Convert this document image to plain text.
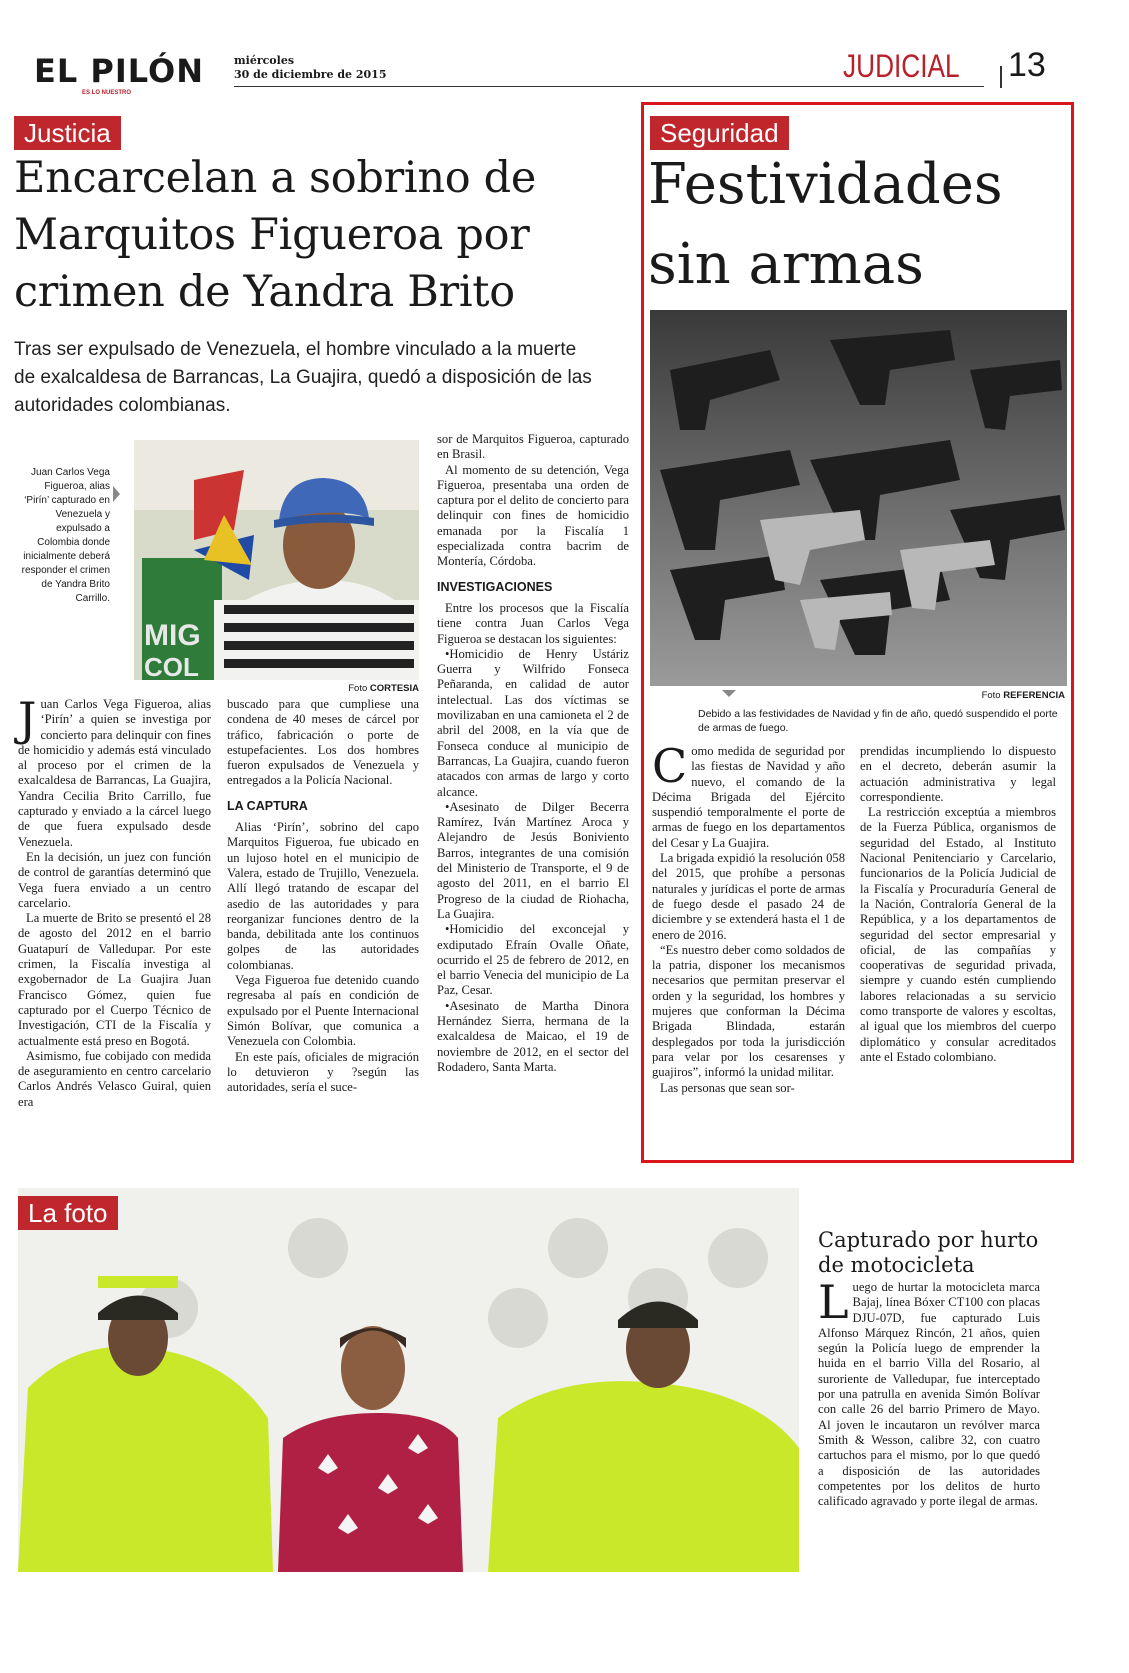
EL PILÓN
ES LO NUESTRO
miércoles
30 de diciembre de 2015	JUDICIAL 13
Justicia
Encarcelan a sobrino de Marquitos Figueroa por crimen de Yandra Brito
Tras ser expulsado de Venezuela, el hombre vinculado a la muerte de exalcaldesa de Barrancas, La Guajira, quedó a disposición de las autoridades colombianas.
Juan Carlos Vega Figueroa, alias ‘Pirín’ capturado en Venezuela y expulsado a Colombia donde inicialmente deberá responder el crimen de Yandra Brito Carrillo.
MIG
COL
Foto CORTESIA
J uan Carlos Vega Figueroa, alias ‘Pirín’ a quien se investiga por concierto para delinquir con fines de homicidio y además está vinculado al proceso por el crimen de la exalcaldesa de Barrancas, La Guajira, Yandra Cecilia Brito Carrillo, fue capturado y enviado a la cárcel luego de que fuera expulsado desde Venezuela.

En la decisión, un juez con función de control de garantías determinó que Vega fuera enviado a un centro carcelario.

La muerte de Brito se presentó el 28 de agosto del 2012 en el barrio Guatapurí de Valledupar. Por este crimen, la Fiscalía investiga al exgobernador de La Guajira Juan Francisco Gómez, quien fue capturado por el Cuerpo Técnico de Investigación, CTI de la Fiscalía y actualmente está preso en Bogotá.

Asimismo, fue cobijado con medida de aseguramiento en centro carcelario Carlos Andrés Velasco Guiral, quien era

buscado para que cumpliese una condena de 40 meses de cárcel por tráfico, fabricación o porte de estupefacientes. Los dos hombres fueron expulsados de Venezuela y entregados a la Policía Nacional.

LA CAPTURA

Alias ‘Pirín’, sobrino del capo Marquitos Figueroa, fue ubicado en un lujoso hotel en el municipio de Valera, estado de Trujillo, Venezuela. Allí llegó tratando de escapar del asedio de las autoridades y para reorganizar funciones dentro de la banda, debilitada ante los continuos golpes de las autoridades colombianas.

Vega Figueroa fue detenido cuando regresaba al país en condición de expulsado por el Puente Internacional Simón Bolívar, que comunica a Venezuela con Colombia.

En este país, oficiales de migración lo detuvieron y ?según las autoridades, sería el suce-

sor de Marquitos Figueroa, capturado en Brasil.

Al momento de su detención, Vega Figueroa, presentaba una orden de captura por el delito de concierto para delinquir con fines de homicidio emanada por la Fiscalía 1 especializada contra bacrim de Montería, Córdoba.

INVESTIGACIONES

Entre los procesos que la Fiscalía tiene contra Juan Carlos Vega Figueroa se destacan los siguientes:

•Homicidio de Henry Ustáriz Guerra y Wilfrido Fonseca Peñaranda, en calidad de autor intelectual. Las dos víctimas se movilizaban en una camioneta el 2 de abril del 2008, en la vía que de Fonseca conduce al municipio de Barrancas, La Guajira, cuando fueron atacados con armas de largo y corto alcance.

•Asesinato de Dilger Becerra Ramírez, Iván Martínez Aroca y Alejandro de Jesús Boniviento Barros, integrantes de una comisión del Ministerio de Transporte, el 9 de agosto del 2011, en el barrio El Progreso de la ciudad de Riohacha, La Guajira.

•Homicidio del exconcejal y exdiputado Efraín Ovalle Oñate, ocurrido el 25 de febrero de 2012, en el barrio Venecia del municipio de La Paz, Cesar.

•Asesinato de Martha Dinora Hernández Sierra, hermana de la exalcaldesa de Maicao, el 19 de noviembre de 2012, en el sector del Rodadero, Santa Marta.

Seguridad
Festividades
sin armas
Foto REFERENCIA
Debido a las festividades de Navidad y fin de año, quedó suspendido el porte de armas de fuego.
C omo medida de seguridad por las fiestas de Navidad y año nuevo, el comando de la Décima Brigada del Ejército suspendió temporalmente el porte de armas de fuego en los departamentos del Cesar y La Guajira.

La brigada expidió la resolución 058 del 2015, que prohíbe a personas naturales y jurídicas el porte de armas de fuego desde el pasado 24 de diciembre y se extenderá hasta el 1 de enero de 2016.

“Es nuestro deber como soldados de la patria, disponer los mecanismos necesarios que permitan preservar el orden y la seguridad, los hombres y mujeres que conforman la Décima Brigada Blindada, estarán desplegados por toda la jurisdicción para velar por los cesarenses y guajiros”, informó la unidad militar.

Las personas que sean sor-

prendidas incumpliendo lo dispuesto en el decreto, deberán asumir la actuación administrativa y legal correspondiente.

La restricción exceptúa a miembros de la Fuerza Pública, organismos de seguridad del Estado, al Instituto Nacional Penitenciario y Carcelario, funcionarios de la Policía Judicial de la Fiscalía y Procuraduría General de la Nación, Contraloría General de la República, y a los departamentos de seguridad del sector empresarial y oficial, de las compañías y cooperativas de seguridad privada, siempre y cuando estén cumpliendo labores relacionadas a su servicio como transporte de valores y escoltas, al igual que los miembros del cuerpo diplomático y consular acreditados ante el Estado colombiano.

La foto
Capturado por hurto de motocicleta
L uego de hurtar la motocicleta marca Bajaj, línea Bóxer CT100 con placas DJU-07D, fue capturado Luis Alfonso Márquez Rincón, 21 años, quien según la Policía luego de emprender la huida en el barrio Villa del Rosario, al suroriente de Valledupar, fue interceptado por una patrulla en avenida Simón Bolívar con calle 26 del barrio Primero de Mayo. Al joven le incautaron un revólver marca Smith & Wesson, calibre 32, con cuatro cartuchos para el mismo, por lo que quedó a disposición de las autoridades competentes por los delitos de hurto calificado agravado y porte ilegal de armas.
